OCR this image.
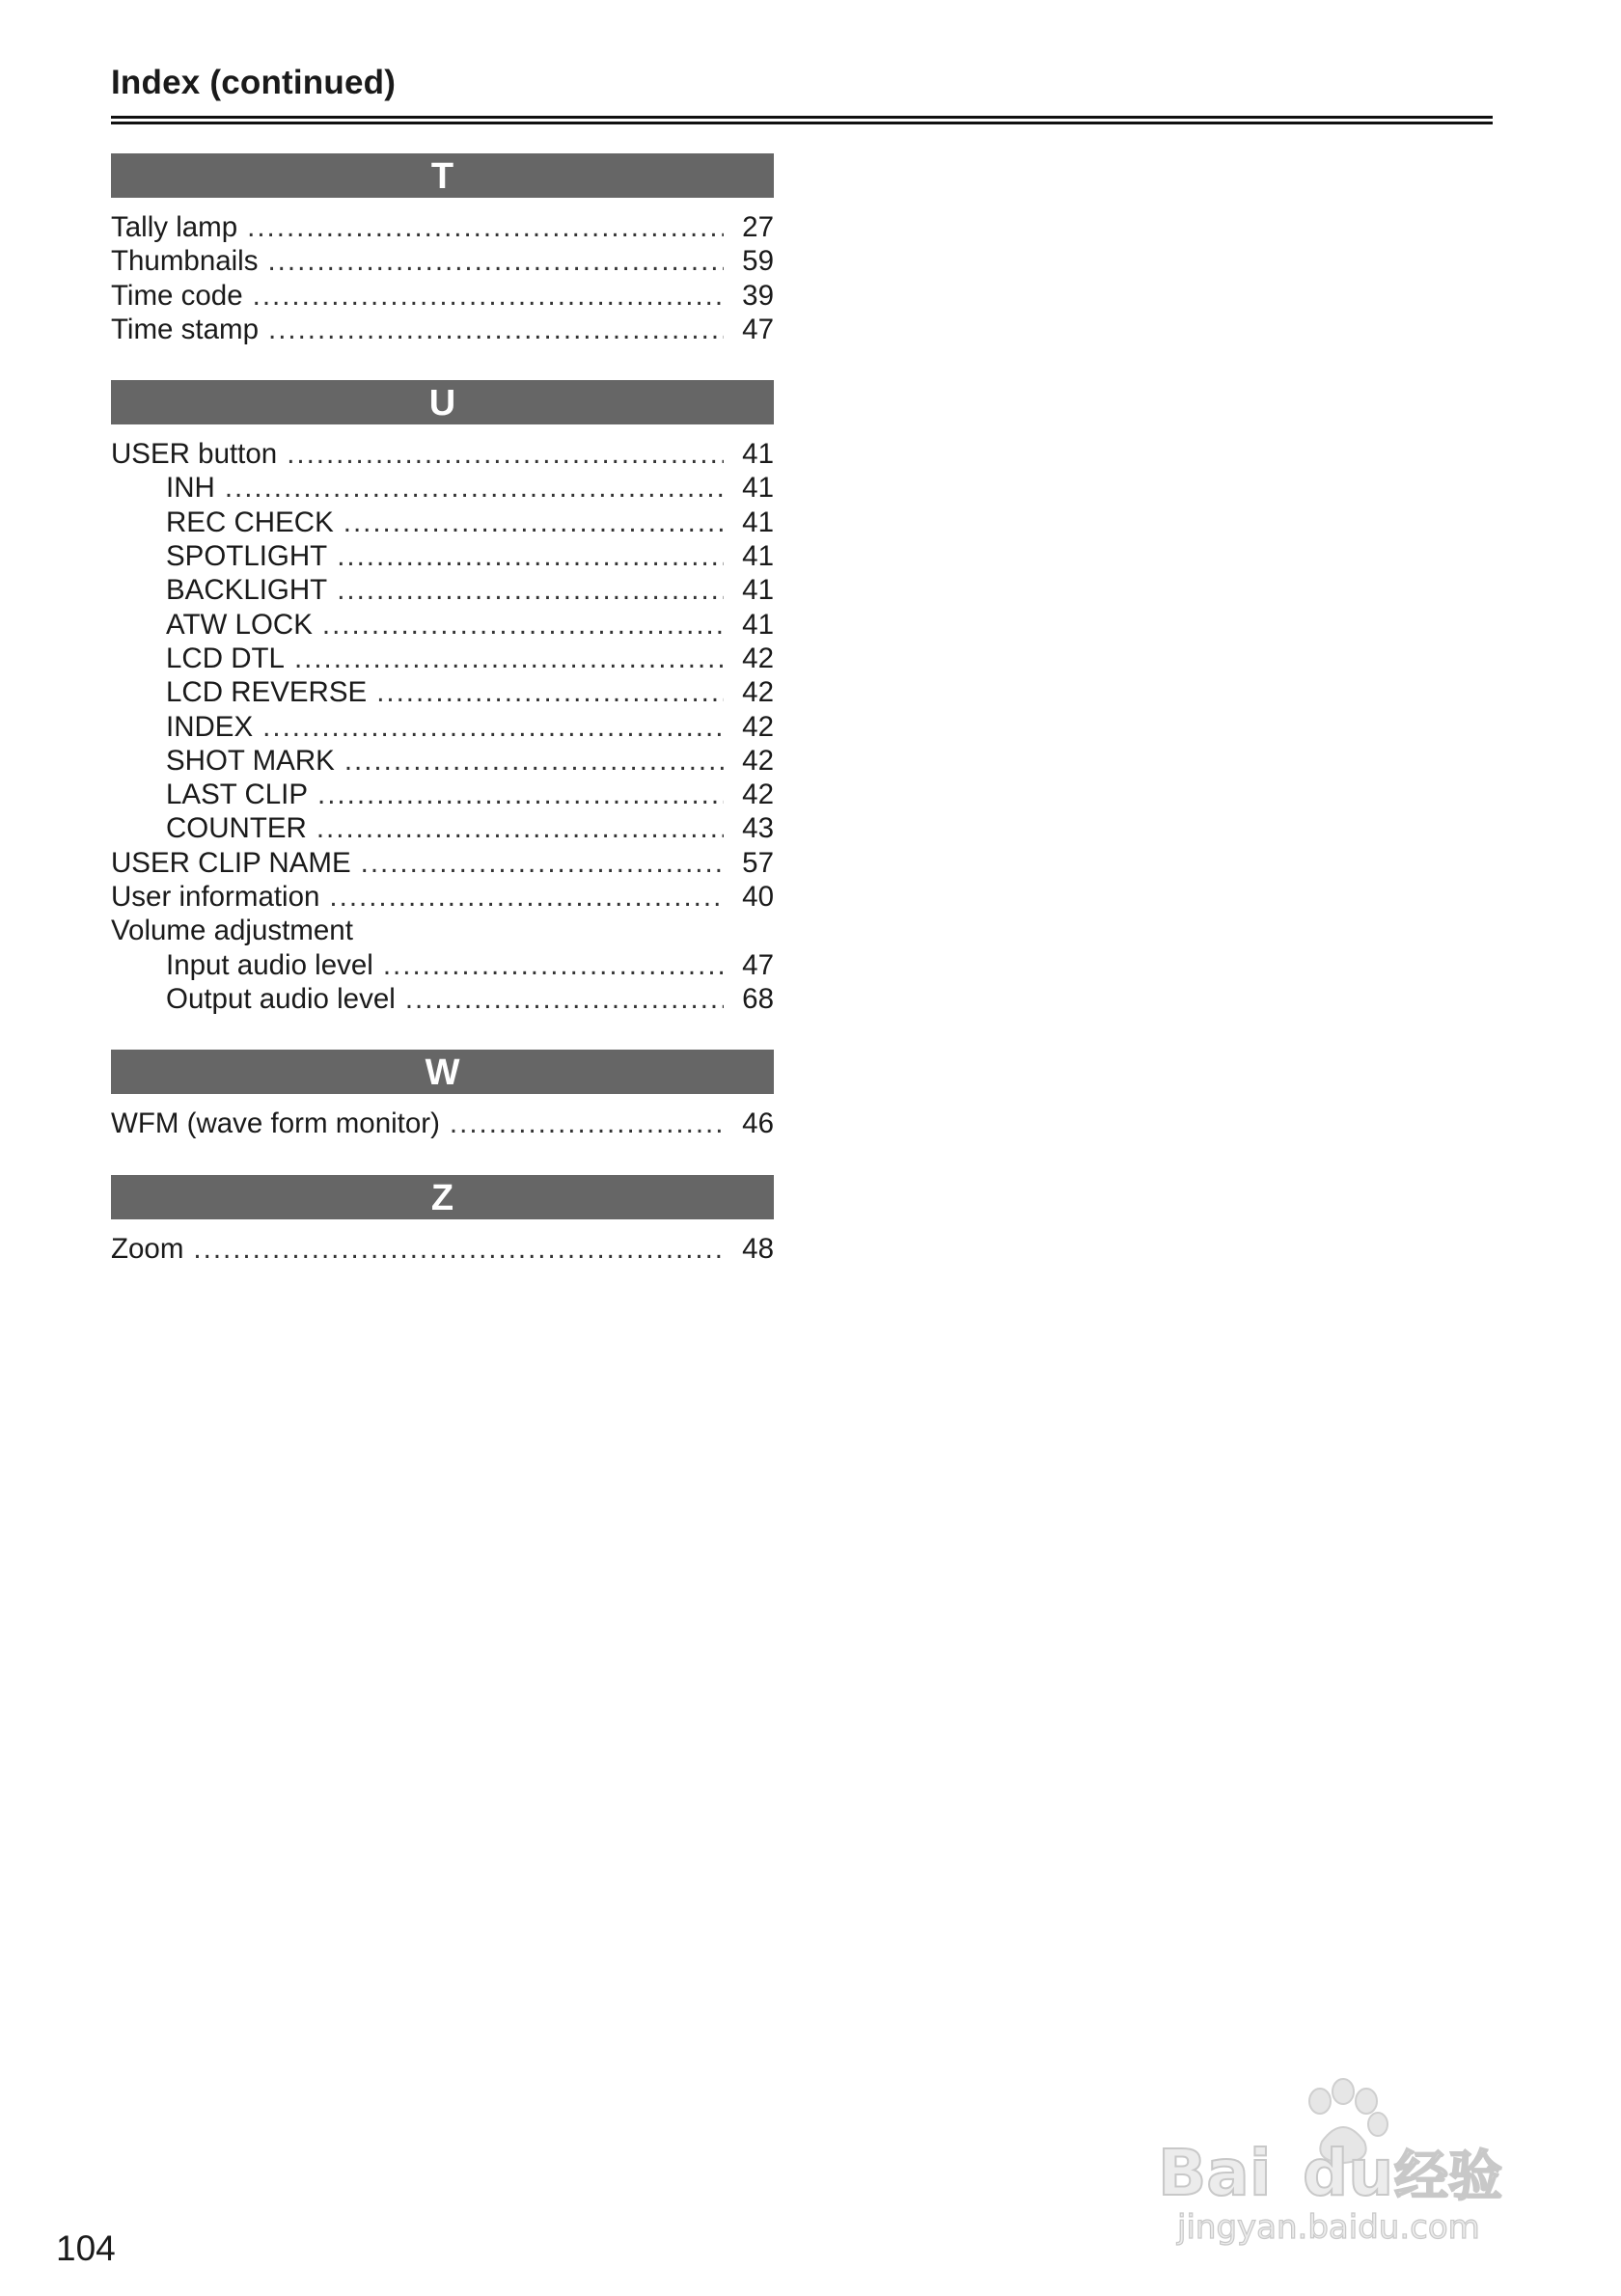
Index (continued)
T
Tally lamp .....	27
Thumbnails .....	59
Time code .....	39
Time stamp .....	47
U
USER button .....	41
INH .....	41
REC CHECK .....	41
SPOTLIGHT .....	41
BACKLIGHT .....	41
ATW LOCK .....	41
LCD DTL .....	42
LCD REVERSE .....	42
INDEX .....	42
SHOT MARK .....	42
LAST CLIP .....	42
COUNTER .....	43
USER CLIP NAME .....	57
User information .....	40
Volume adjustment
Input audio level .....	47
Output audio level .....	68
W
WFM (wave form monitor) .....	46
Z
Zoom .....	48
104
Bai du 经验
jingyan.baidu.com
